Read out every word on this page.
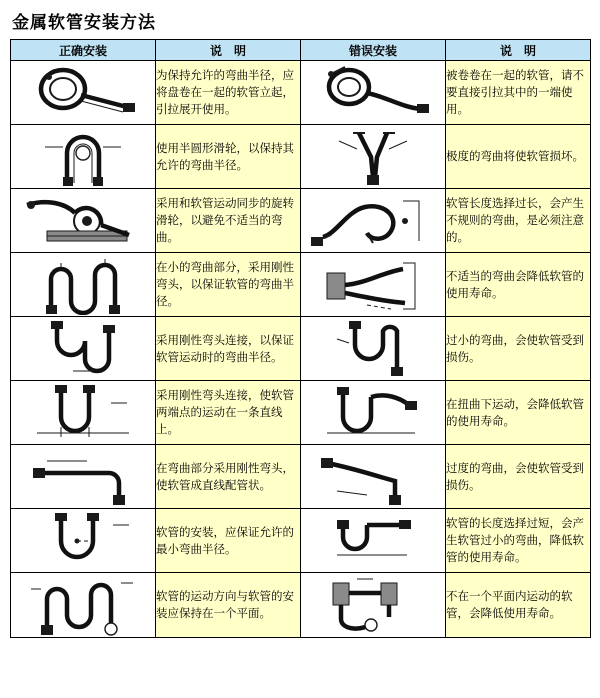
金属软管安装方法
正确安装	说　明	错误安装	说　明

	为保持允许的弯曲半径，应将盘卷在一起的软管立起，引拉展开使用。		被卷卷在一起的软管，请不要直接引拉其中的一端使用。

	使用半圆形滑轮，以保持其允许的弯曲半径。		极度的弯曲将使软管损坏。

	采用和软管运动同步的旋转滑轮，以避免不适当的弯曲。		软管长度选择过长，会产生不规则的弯曲，是必须注意的。

	在小的弯曲部分，采用刚性弯头，以保证软管的弯曲半径。		不适当的弯曲会降低软管的使用寿命。

	采用刚性弯头连接，以保证软管运动时的弯曲半径。		过小的弯曲，会使软管受到损伤。

	采用刚性弯头连接，使软管两端点的运动在一条直线上。		在扭曲下运动，会降低软管的使用寿命。

	在弯曲部分采用刚性弯头，使软管成直线配管状。		过度的弯曲，会使软管受到损伤。

	软管的安装，应保证允许的最小弯曲半径。		软管的长度选择过短，会产生软管过小的弯曲，降低软管的使用寿命。

	软管的运动方向与软管的安装应保持在一个平面。		不在一个平面内运动的软管，会降低使用寿命。
